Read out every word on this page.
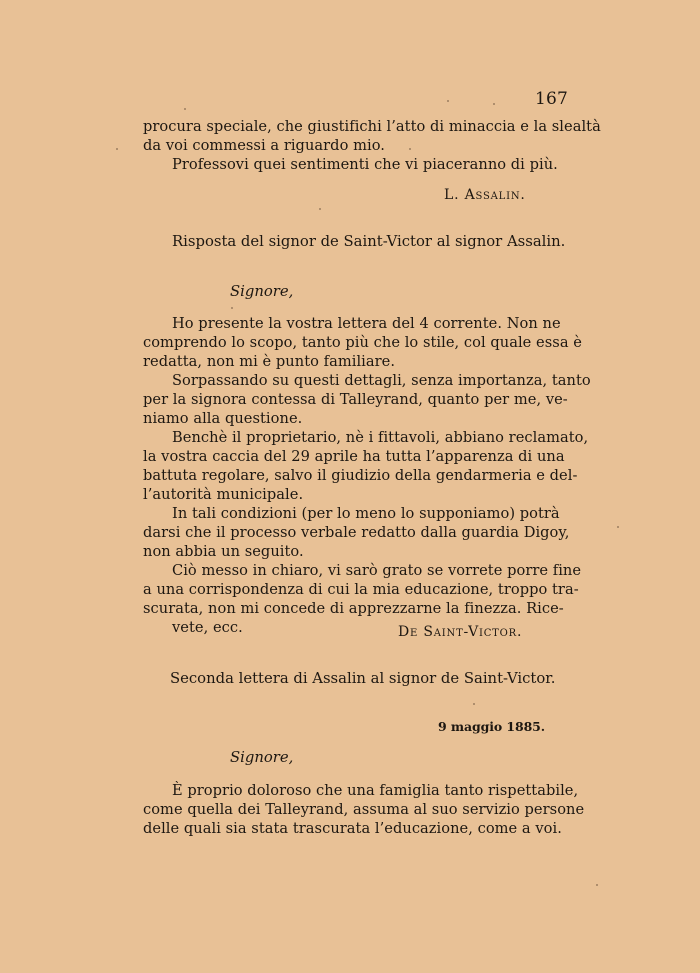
167
procura speciale, che giustifichi l’atto di minaccia e la slealtà
da voi commessi a riguardo mio.
Professovi quei sentimenti che vi piaceranno di più.
L. Assalin.
Risposta del signor de Saint-Victor al signor Assalin.
Signore,
Ho presente la vostra lettera del 4 corrente. Non ne
comprendo lo scopo, tanto più che lo stile, col quale essa è
redatta, non mi è punto familiare.
Sorpassando su questi dettagli, senza importanza, tanto
per la signora contessa di Talleyrand, quanto per me, ve-
niamo alla questione.
Benchè il proprietario, nè i fittavoli, abbiano reclamato,
la vostra caccia del 29 aprile ha tutta l’apparenza di una
battuta regolare, salvo il giudizio della gendarmeria e del-
l’autorità municipale.
In tali condizioni (per lo meno lo supponiamo) potrà
darsi che il processo verbale redatto dalla guardia Digoy,
non abbia un seguito.
Ciò messo in chiaro, vi sarò grato se vorrete porre fine
a una corrispondenza di cui la mia educazione, troppo tra-
scurata, non mi concede di apprezzarne la finezza. Rice-
vete, ecc.	De Saint-Victor.
Seconda lettera di Assalin al signor de Saint-Victor.
9 maggio 1885.
Signore,
È proprio doloroso che una famiglia tanto rispettabile,
come quella dei Talleyrand, assuma al suo servizio persone
delle quali sia stata trascurata l’educazione, come a voi.
